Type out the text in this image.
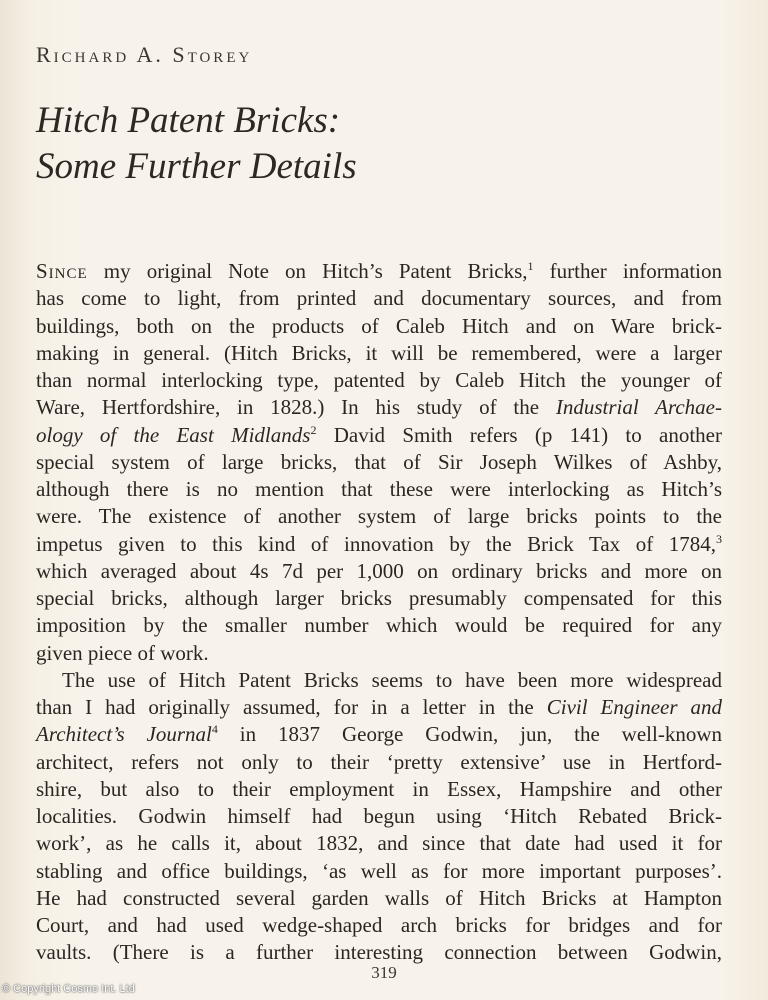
Richard A. Storey
Hitch Patent Bricks:
Some Further Details
Since my original Note on Hitch’s Patent Bricks,$^1$ further information
has come to light, from printed and documentary sources, and from
buildings, both on the products of Caleb Hitch and on Ware brick-
making in general. (Hitch Bricks, it will be remembered, were a larger
than normal interlocking type, patented by Caleb Hitch the younger of
Ware, Hertfordshire, in 1828.) In his study of the Industrial Archae-
ology of the East Midlands$^2$ David Smith refers (p 141) to another
special system of large bricks, that of Sir Joseph Wilkes of Ashby,
although there is no mention that these were interlocking as Hitch’s
were. The existence of another system of large bricks points to the
impetus given to this kind of innovation by the Brick Tax of 1784,$^3$
which averaged about 4s 7d per 1,000 on ordinary bricks and more on
special bricks, although larger bricks presumably compensated for this
imposition by the smaller number which would be required for any
given piece of work.
The use of Hitch Patent Bricks seems to have been more widespread
than I had originally assumed, for in a letter in the Civil Engineer and
Architect’s Journal$^4$ in 1837 George Godwin, jun, the well-known
architect, refers not only to their ‘pretty extensive’ use in Hertford-
shire, but also to their employment in Essex, Hampshire and other
localities. Godwin himself had begun using ‘Hitch Rebated Brick-
work’, as he calls it, about 1832, and since that date had used it for
stabling and office buildings, ‘as well as for more important purposes’.
He had constructed several garden walls of Hitch Bricks at Hampton
Court, and had used wedge-shaped arch bricks for bridges and for
vaults. (There is a further interesting connection between Godwin,
319
© Copyright Cosmo Int. Ltd
